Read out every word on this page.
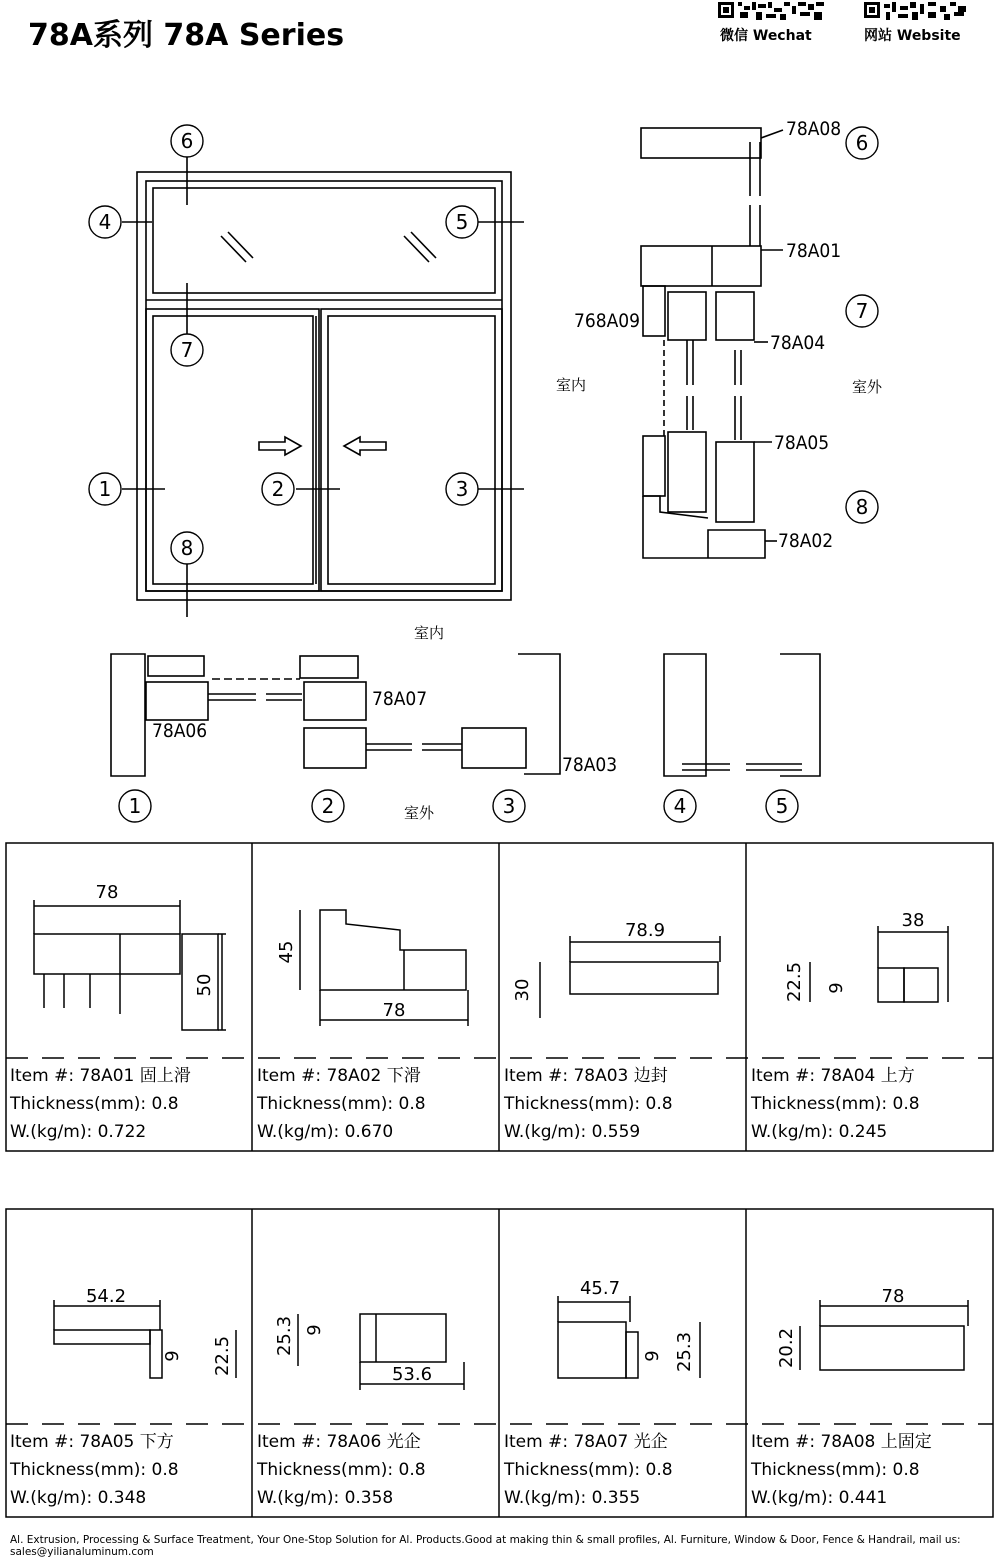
78A系列 78A Series	微信 Wechat	网站 Website
6
4	5
7
1	2	3
8
6
7
8
1	2	3	4	5
78A08
78A01
768A09
78A04
78A05
78A02
78A07
78A06
78A03
室内	室外
室内
室外
78
50
78
45
78.9
30
38
22.5 9
Item #: 78A01 固上滑
Thickness(mm): 0.8
W.(kg/m): 0.722
Item #: 78A02 下滑
Thickness(mm): 0.8
W.(kg/m): 0.670
Item #: 78A03 边封
Thickness(mm): 0.8
W.(kg/m): 0.559
Item #: 78A04 上方
Thickness(mm): 0.8
W.(kg/m): 0.245
54.2
22.5
9	25.3 9
53.6
45.7
9 25.3
78
20.2
Item #: 78A05 下方
Thickness(mm): 0.8
W.(kg/m): 0.348
Item #: 78A06 光企
Thickness(mm): 0.8
W.(kg/m): 0.358
Item #: 78A07 光企
Thickness(mm): 0.8
W.(kg/m): 0.355
Item #: 78A08 上固定
Thickness(mm): 0.8
W.(kg/m): 0.441
Al. Extrusion, Processing & Surface Treatment, Your One-Stop Solution for Al. Products.Good at making thin & small profiles, Al. Furniture, Window & Door, Fence & Handrail, mail us: sales@yilianaluminum.com
